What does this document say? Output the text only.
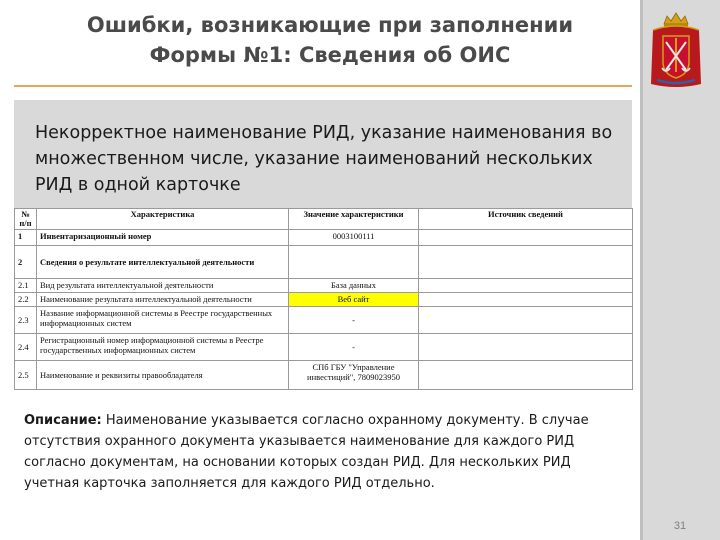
Ошибки, возникающие при заполнении
Формы №1: Сведения об ОИС

Некорректное наименование РИД, указание наименования во множественном числе, указание наименований нескольких РИД в одной карточке

№ п/п	Характеристика	Значение характеристики	Источник сведений
1	Инвентаризационный номер	0003100111	
2	Сведения о результате интеллектуальной деятельности		
2.1	Вид результата интеллектуальной деятельности	База данных	
2.2	Наименование результата интеллектуальной деятельности	Веб сайт	
2.3	Название информационной системы в Реестре государственных информационных систем	-	
2.4	Регистрационный номер информационной системы в Реестре государственных информационных систем	-	
2.5	Наименование и реквизиты правообладателя	СПб ГБУ "Управление инвестиций", 7809023950	
Описание: Наименование указывается согласно охранному документу. В случае отсутствия охранного документа указывается наименование для каждого РИД согласно документам, на основании которых создан РИД. Для нескольких РИД учетная карточка заполняется для каждого РИД отдельно.
31
